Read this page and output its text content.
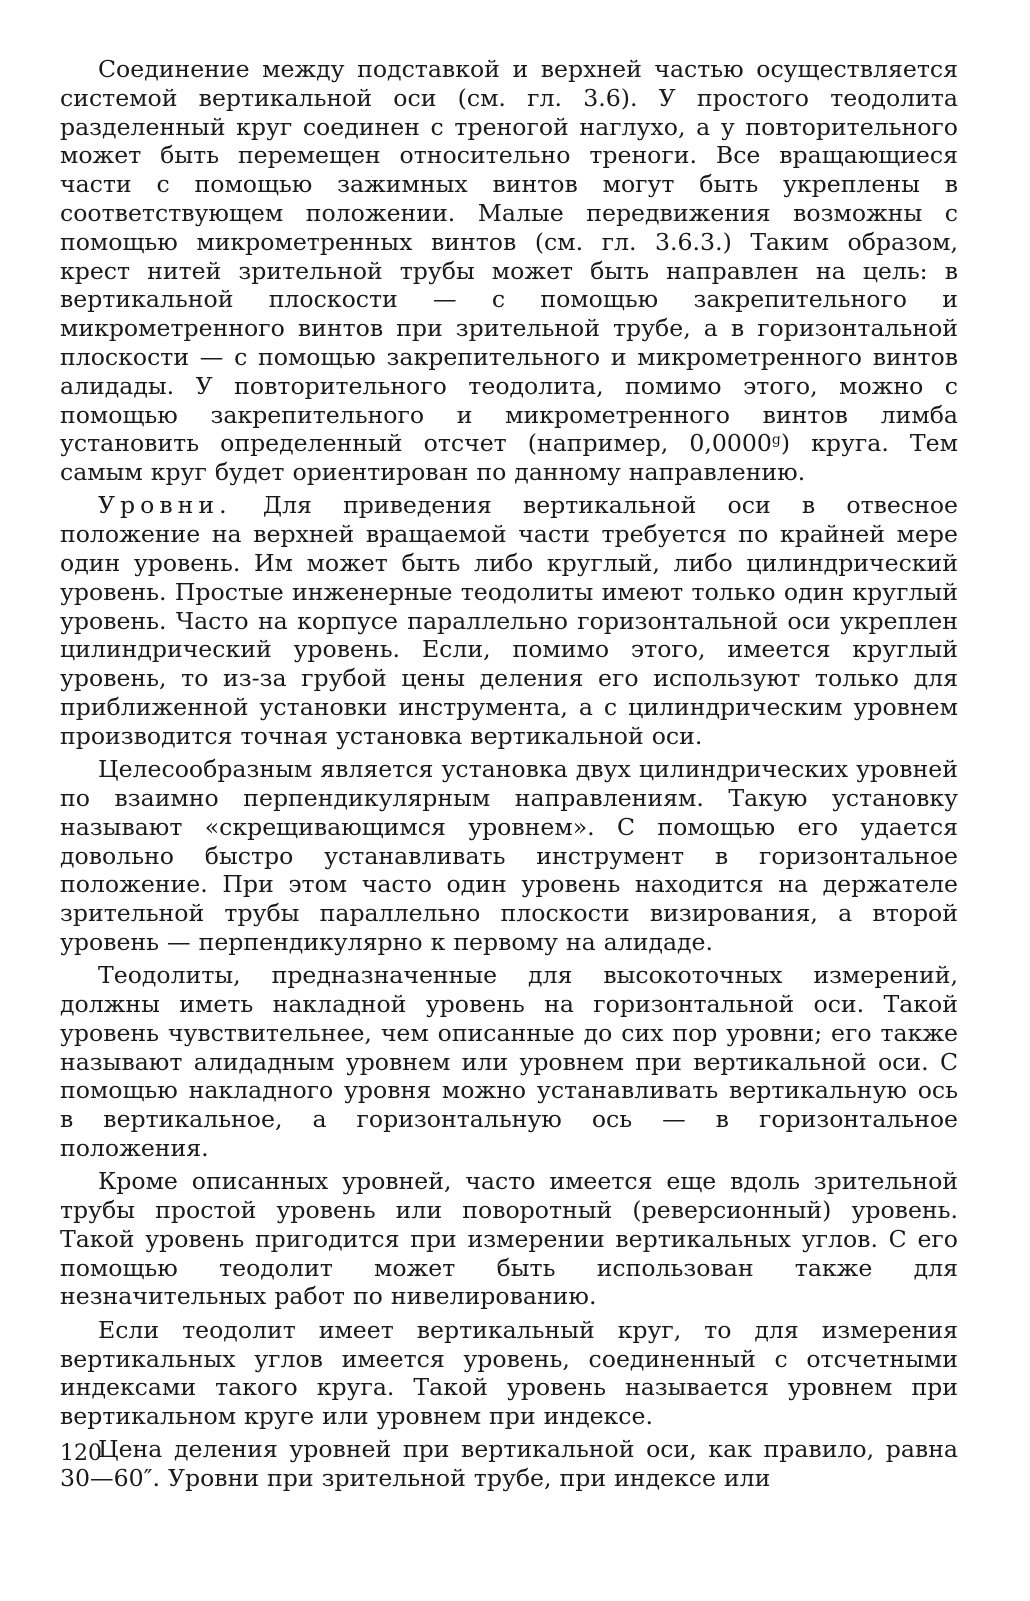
Соединение между подставкой и верхней частью осуществляется системой вертикальной оси (см. гл. 3.6). У простого теодолита разделенный круг соединен с треногой наглухо, а у повторительного может быть перемещен относительно треноги. Все вращающиеся части с помощью зажимных винтов могут быть укреплены в соответствующем положении. Малые передвижения возможны с помощью микрометренных винтов (см. гл. 3.6.3.) Таким образом, крест нитей зрительной трубы может быть направлен на цель: в вертикальной плоскости — с помощью закрепительного и микрометренного винтов при зрительной трубе, а в горизонтальной плоскости — с помощью закрепительного и микрометренного винтов алидады. У повторительного теодолита, помимо этого, можно с помощью закрепительного и микрометренного винтов лимба установить определенный отсчет (например, 0,0000$^g$) круга. Тем самым круг будет ориентирован по данному направлению.

Уровни. Для приведения вертикальной оси в отвесное положение на верхней вращаемой части требуется по крайней мере один уровень. Им может быть либо круглый, либо цилиндрический уровень. Простые инженерные теодолиты имеют только один круглый уровень. Часто на корпусе параллельно горизонтальной оси укреплен цилиндрический уровень. Если, помимо этого, имеется круглый уровень, то из-за грубой цены деления его используют только для приближенной установки инструмента, а с цилиндрическим уровнем производится точная установка вертикальной оси.

Целесообразным является установка двух цилиндрических уровней по взаимно перпендикулярным направлениям. Такую установку называют «скрещивающимся уровнем». С помощью его удается довольно быстро устанавливать инструмент в горизонтальное положение. При этом часто один уровень находится на держателе зрительной трубы параллельно плоскости визирования, а второй уровень — перпендикулярно к первому на алидаде.

Теодолиты, предназначенные для высокоточных измерений, должны иметь накладной уровень на горизонтальной оси. Такой уровень чувствительнее, чем описанные до сих пор уровни; его также называют алидадным уровнем или уровнем при вертикальной оси. С помощью накладного уровня можно устанавливать вертикальную ось в вертикальное, а горизонтальную ось — в горизонтальное положения.

Кроме описанных уровней, часто имеется еще вдоль зрительной трубы простой уровень или поворотный (реверсионный) уровень. Такой уровень пригодится при измерении вертикальных углов. С его помощью теодолит может быть использован также для незначительных работ по нивелированию.

Если теодолит имеет вертикальный круг, то для измерения вертикальных углов имеется уровень, соединенный с отсчетными индексами такого круга. Такой уровень называется уровнем при вертикальном круге или уровнем при индексе.

Цена деления уровней при вертикальной оси, как правило, равна 30—60″. Уровни при зрительной трубе, при индексе или

120
